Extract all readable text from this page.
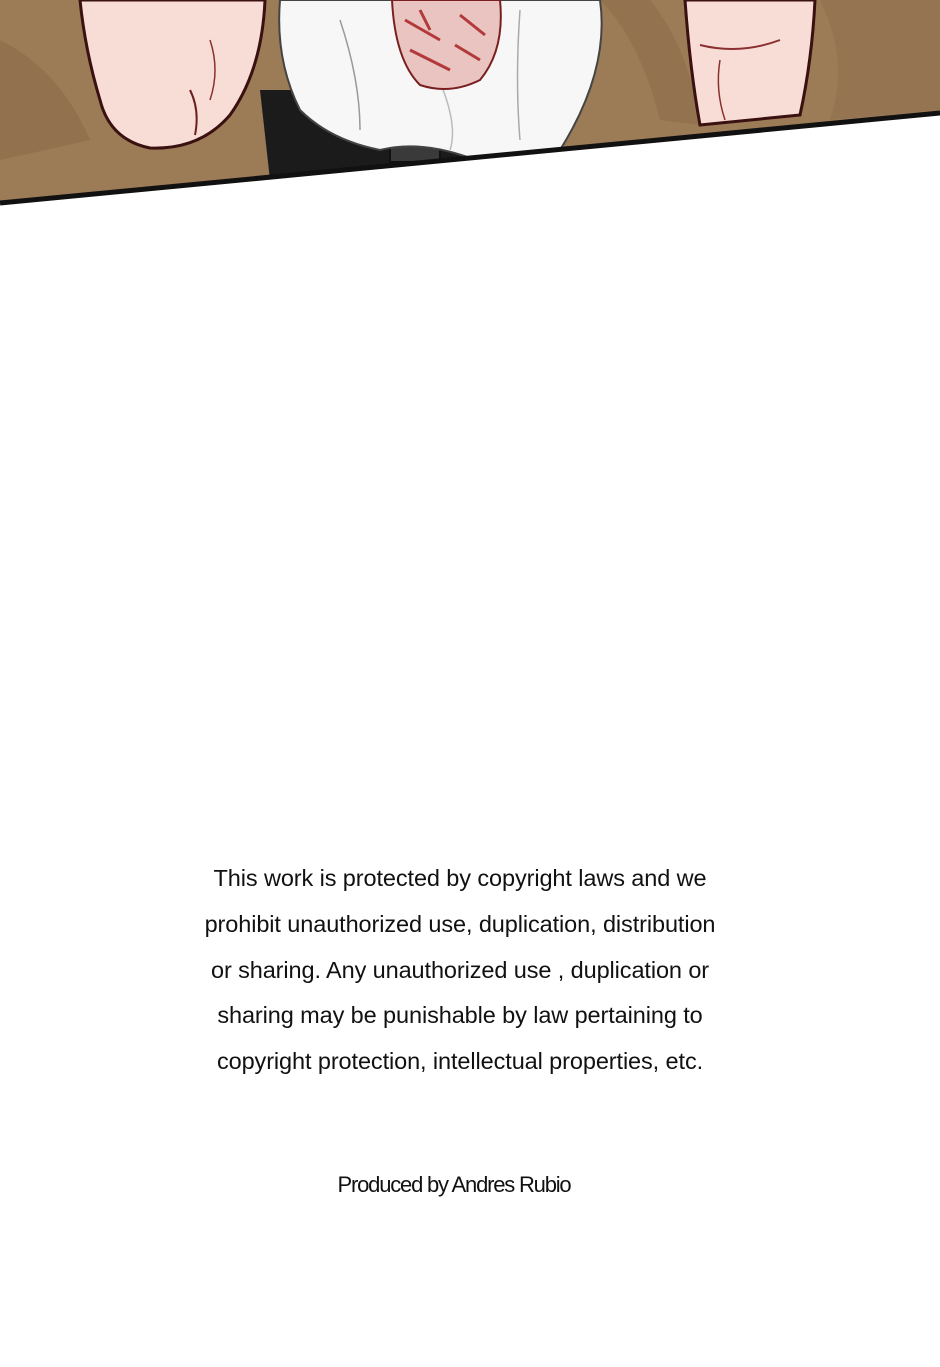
This work is protected by copyright laws and we
prohibit unauthorized use, duplication, distribution
or sharing. Any unauthorized use , duplication or
sharing may be punishable by law pertaining to
copyright protection, intellectual properties, etc.
Produced by Andres Rubio
